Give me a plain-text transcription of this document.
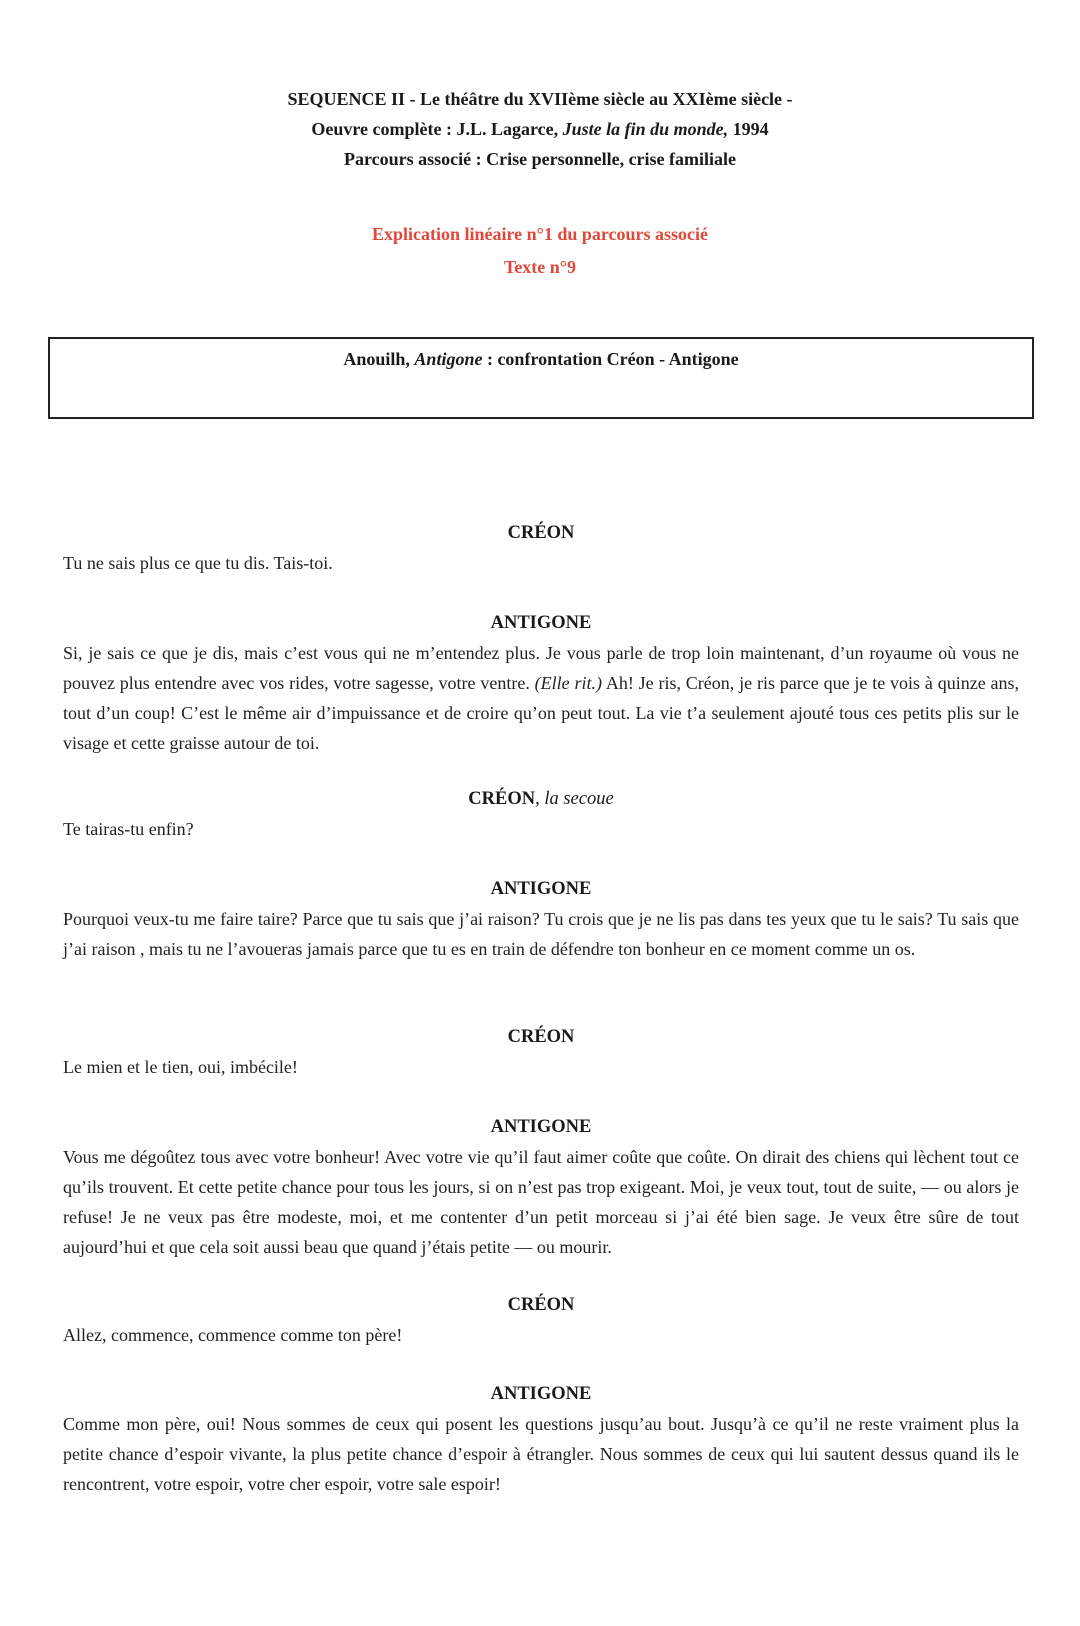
SEQUENCE II - Le théâtre du XVIIème siècle au XXIème siècle -
Oeuvre complète : J.L. Lagarce, Juste la fin du monde, 1994
Parcours associé : Crise personnelle, crise familiale
Explication linéaire n°1 du parcours associé
Texte n°9
Anouilh, Antigone : confrontation Créon - Antigone

CRÉON

Tu ne sais plus ce que tu dis. Tais-toi.

ANTIGONE

Si, je sais ce que je dis, mais c’est vous qui ne m’entendez plus. Je vous parle de trop loin maintenant, d’un royaume où vous ne pouvez plus entendre avec vos rides, votre sagesse, votre ventre. (Elle rit.) Ah! Je ris, Créon, je ris parce que je te vois à quinze ans, tout d’un coup! C’est le même air d’impuissance et de croire qu’on peut tout. La vie t’a seulement ajouté tous ces petits plis sur le visage et cette graisse autour de toi.

CRÉON, la secoue

Te tairas-tu enfin?

ANTIGONE

Pourquoi veux-tu me faire taire? Parce que tu sais que j’ai raison? Tu crois que je ne lis pas dans tes yeux que tu le sais? Tu sais que j’ai raison , mais tu ne l’avoueras jamais parce que tu es en train de défendre ton bonheur en ce moment comme un os.

CRÉON

Le mien et le tien, oui, imbécile!

ANTIGONE

Vous me dégoûtez tous avec votre bonheur! Avec votre vie qu’il faut aimer coûte que coûte. On dirait des chiens qui lèchent tout ce qu’ils trouvent. Et cette petite chance pour tous les jours, si on n’est pas trop exigeant. Moi, je veux tout, tout de suite, — ou alors je refuse! Je ne veux pas être modeste, moi, et me contenter d’un petit morceau si j’ai été bien sage. Je veux être sûre de tout aujourd’hui et que cela soit aussi beau que quand j’étais petite — ou mourir.

CRÉON

Allez, commence, commence comme ton père!

ANTIGONE

Comme mon père, oui! Nous sommes de ceux qui posent les questions jusqu’au bout. Jusqu’à ce qu’il ne reste vraiment plus la petite chance d’espoir vivante, la plus petite chance d’espoir à étrangler. Nous sommes de ceux qui lui sautent dessus quand ils le rencontrent, votre espoir, votre cher espoir, votre sale espoir!
